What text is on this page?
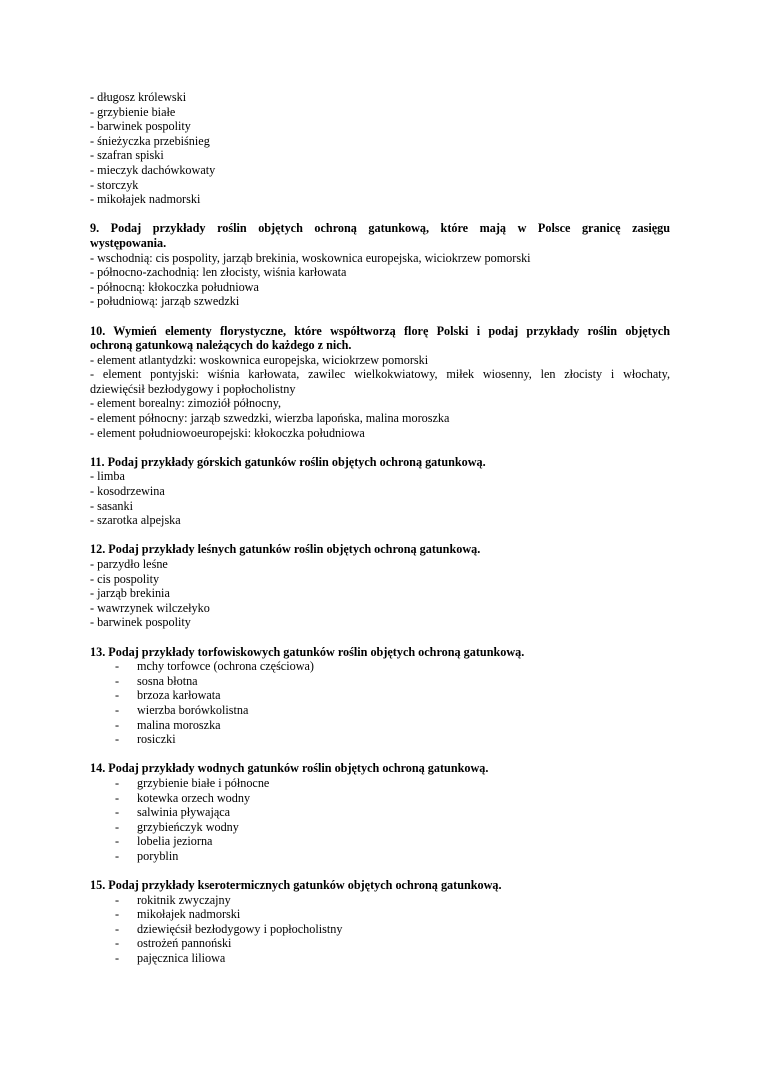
- długosz królewski
- grzybienie białe
- barwinek pospolity
- śnieżyczka przebiśnieg
- szafran spiski
- mieczyk dachówkowaty
- storczyk
- mikołajek nadmorski
9. Podaj przykłady roślin objętych ochroną gatunkową, które mają w Polsce granicę zasięgu
występowania.
- wschodnią: cis pospolity, jarząb brekinia, woskownica europejska, wiciokrzew pomorski
- północno-zachodnią: len złocisty, wiśnia karłowata
- północną: kłokoczka południowa
- południową: jarząb szwedzki
10. Wymień elementy florystyczne, które współtworzą florę Polski i podaj przykłady roślin objętych
ochroną gatunkową należących do każdego z nich.
- element atlantydzki: woskownica europejska, wiciokrzew pomorski
- element pontyjski: wiśnia karłowata, zawilec wielkokwiatowy, miłek wiosenny, len złocisty i włochaty,
dziewięćsił bezłodygowy i popłocholistny
- element borealny: zimoziół północny,
- element północny: jarząb szwedzki, wierzba lapońska, malina moroszka
- element południowoeuropejski: kłokoczka południowa
11. Podaj przykłady górskich gatunków roślin objętych ochroną gatunkową.
- limba
- kosodrzewina
- sasanki
- szarotka alpejska
12. Podaj przykłady leśnych gatunków roślin objętych ochroną gatunkową.
- parzydło leśne
- cis pospolity
- jarząb brekinia
- wawrzynek wilczełyko
- barwinek pospolity
13. Podaj przykłady torfowiskowych gatunków roślin objętych ochroną gatunkową.
-	mchy torfowce (ochrona częściowa)
-	sosna błotna
-	brzoza karłowata
-	wierzba borówkolistna
-	malina moroszka
-	rosiczki
14. Podaj przykłady wodnych gatunków roślin objętych ochroną gatunkową.
-	grzybienie białe i północne
-	kotewka orzech wodny
-	salwinia pływająca
-	grzybieńczyk wodny
-	lobelia jeziorna
-	poryblin
15. Podaj przykłady kserotermicznych gatunków objętych ochroną gatunkową.
-	rokitnik zwyczajny
-	mikołajek nadmorski
-	dziewięćsił bezłodygowy i popłocholistny
-	ostrożeń pannoński
-	pajęcznica liliowa
